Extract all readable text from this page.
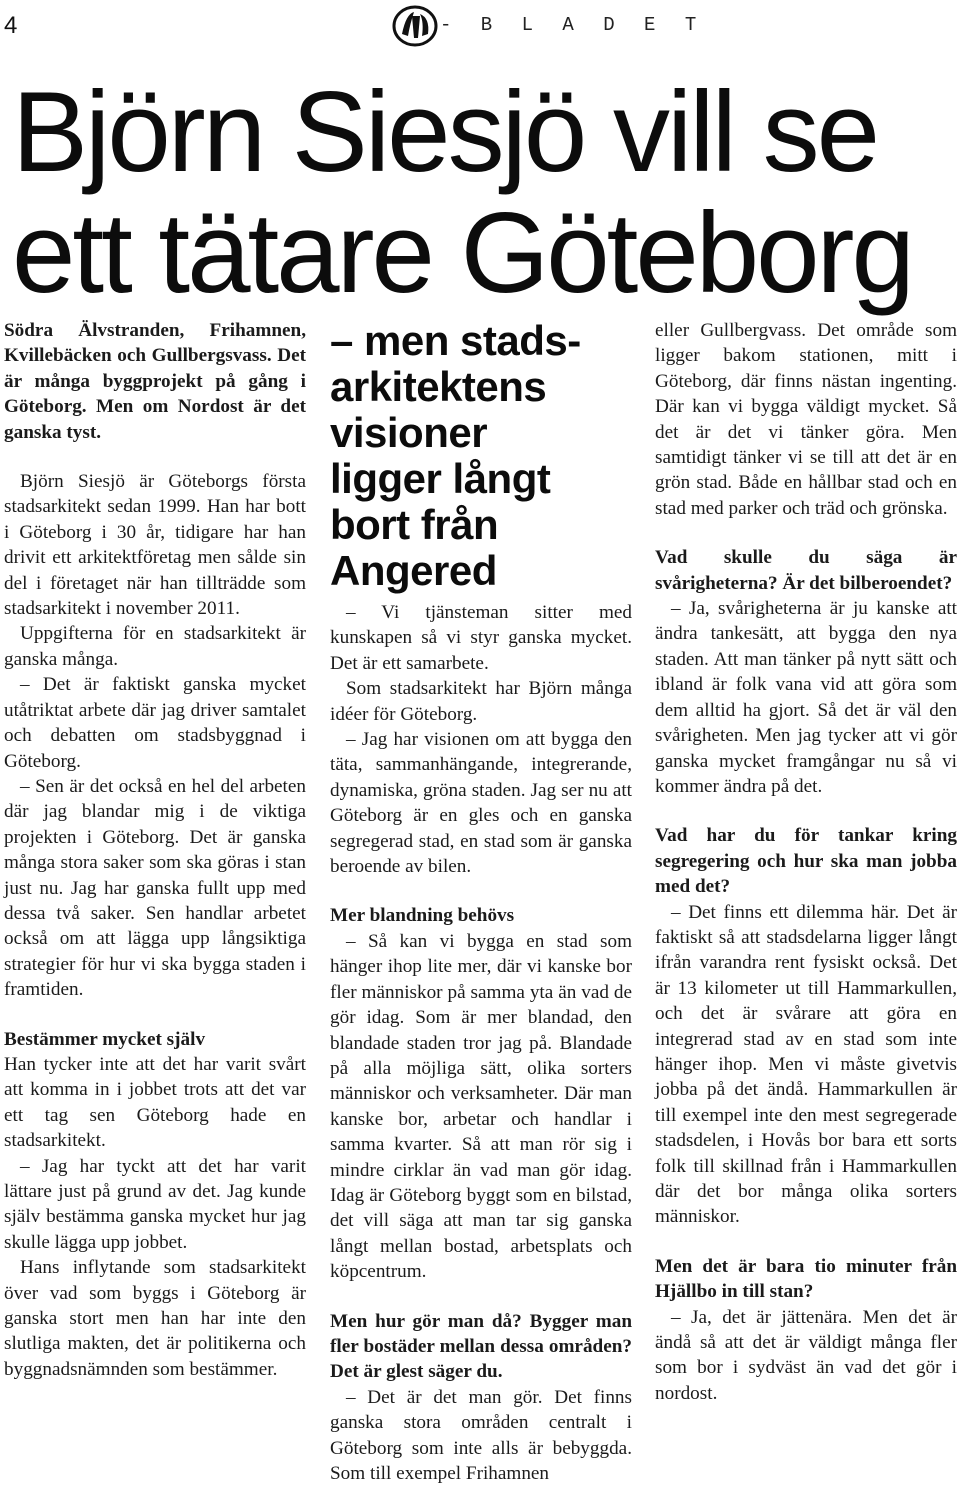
4	- B L A D E T
Björn Siesjö vill se
ett tätare Göteborg

Södra Älvstranden, Frihamnen, Kvillebäcken och Gullbergsvass. Det är många byggprojekt på gång i Göteborg. Men om Nordost är det ganska tyst.

Björn Siesjö är Göteborgs första stadsarkitekt sedan 1999. Han har bott i Göteborg i 30 år, tidigare har han drivit ett arkitektföretag men sålde sin del i företaget när han tillträdde som stadsarkitekt i november 2011.

Uppgifterna för en stadsarkitekt är ganska många.

– Det är faktiskt ganska mycket utåtriktat arbete där jag driver samtalet och debatten om stadsbyggnad i Göteborg.

– Sen är det också en hel del arbeten där jag blandar mig i de viktiga projekten i Göteborg. Det är ganska många stora saker som ska göras i stan just nu. Jag har ganska fullt upp med dessa två saker. Sen handlar arbetet också om att lägga upp långsiktiga strategier för hur vi ska bygga staden i framtiden.

Bestämmer mycket själv

Han tycker inte att det har varit svårt att komma in i jobbet trots att det var ett tag sen Göteborg hade en stadsarkitekt.

– Jag har tyckt att det har varit lättare just på grund av det. Jag kunde själv bestämma ganska mycket hur jag skulle lägga upp jobbet.

Hans inflytande som stadsarkitekt över vad som byggs i Göteborg är ganska stort men han har inte den slutliga makten, det är politikerna och byggnadsnämnden som bestämmer.

– men stads-
arkitektens
visioner
ligger långt
bort från
Angered

– Vi tjänsteman sitter med kunskapen så vi styr ganska mycket. Det är ett samarbete.

Som stadsarkitekt har Björn många idéer för Göteborg.

– Jag har visionen om att bygga den täta, sammanhängande, integrerande, dynamiska, gröna staden. Jag ser nu att Göteborg är en gles och en ganska segregerad stad, en stad som är ganska beroende av bilen.

Mer blandning behövs

– Så kan vi bygga en stad som hänger ihop lite mer, där vi kanske bor fler människor på samma yta än vad de gör idag. Som är mer blandad, den blandade staden tror jag på. Blandade på alla möjliga sätt, olika sorters människor och verksamheter. Där man kanske bor, arbetar och handlar i samma kvarter. Så att man rör sig i mindre cirklar än vad man gör idag. Idag är Göteborg byggt som en bilstad, det vill säga att man tar sig ganska långt mellan bostad, arbetsplats och köpcentrum.

Men hur gör man då? Bygger man fler bostäder mellan dessa områden? Det är glest säger du.

– Det är det man gör. Det finns ganska stora områden centralt i Göteborg som inte alls är bebyggda. Som till exempel Frihamnen

eller Gullbergvass. Det område som ligger bakom stationen, mitt i Göteborg, där finns nästan ingenting. Där kan vi bygga väldigt mycket. Så det är det vi tänker göra. Men samtidigt tänker vi se till att det är en grön stad. Både en hållbar stad och en stad med parker och träd och grönska.

Vad skulle du säga är svårigheterna? Är det bilberoendet?

– Ja, svårigheterna är ju kanske att ändra tankesätt, att bygga den nya staden. Att man tänker på nytt sätt och ibland är folk vana vid att göra som dem alltid ha gjort. Så det är väl den svårigheten. Men jag tycker att vi gör ganska mycket framgångar nu så vi kommer ändra på det.

Vad har du för tankar kring segregering och hur ska man jobba med det?

– Det finns ett dilemma här. Det är faktiskt så att stadsdelarna ligger långt ifrån varandra rent fysiskt också. Det är 13 kilometer ut till Hammarkullen, och det är svårare att göra en integrerad stad av en stad som inte hänger ihop. Men vi måste givetvis jobba på det ändå. Hammarkullen är till exempel inte den mest segregerade stadsdelen, i Hovås bor bara ett sorts folk till skillnad från i Hammarkullen där det bor många olika sorters människor.

Men det är bara tio minuter från Hjällbo in till stan?

– Ja, det är jättenära. Men det är ändå så att det är väldigt många fler som bor i sydväst än vad det gör i nordost.
